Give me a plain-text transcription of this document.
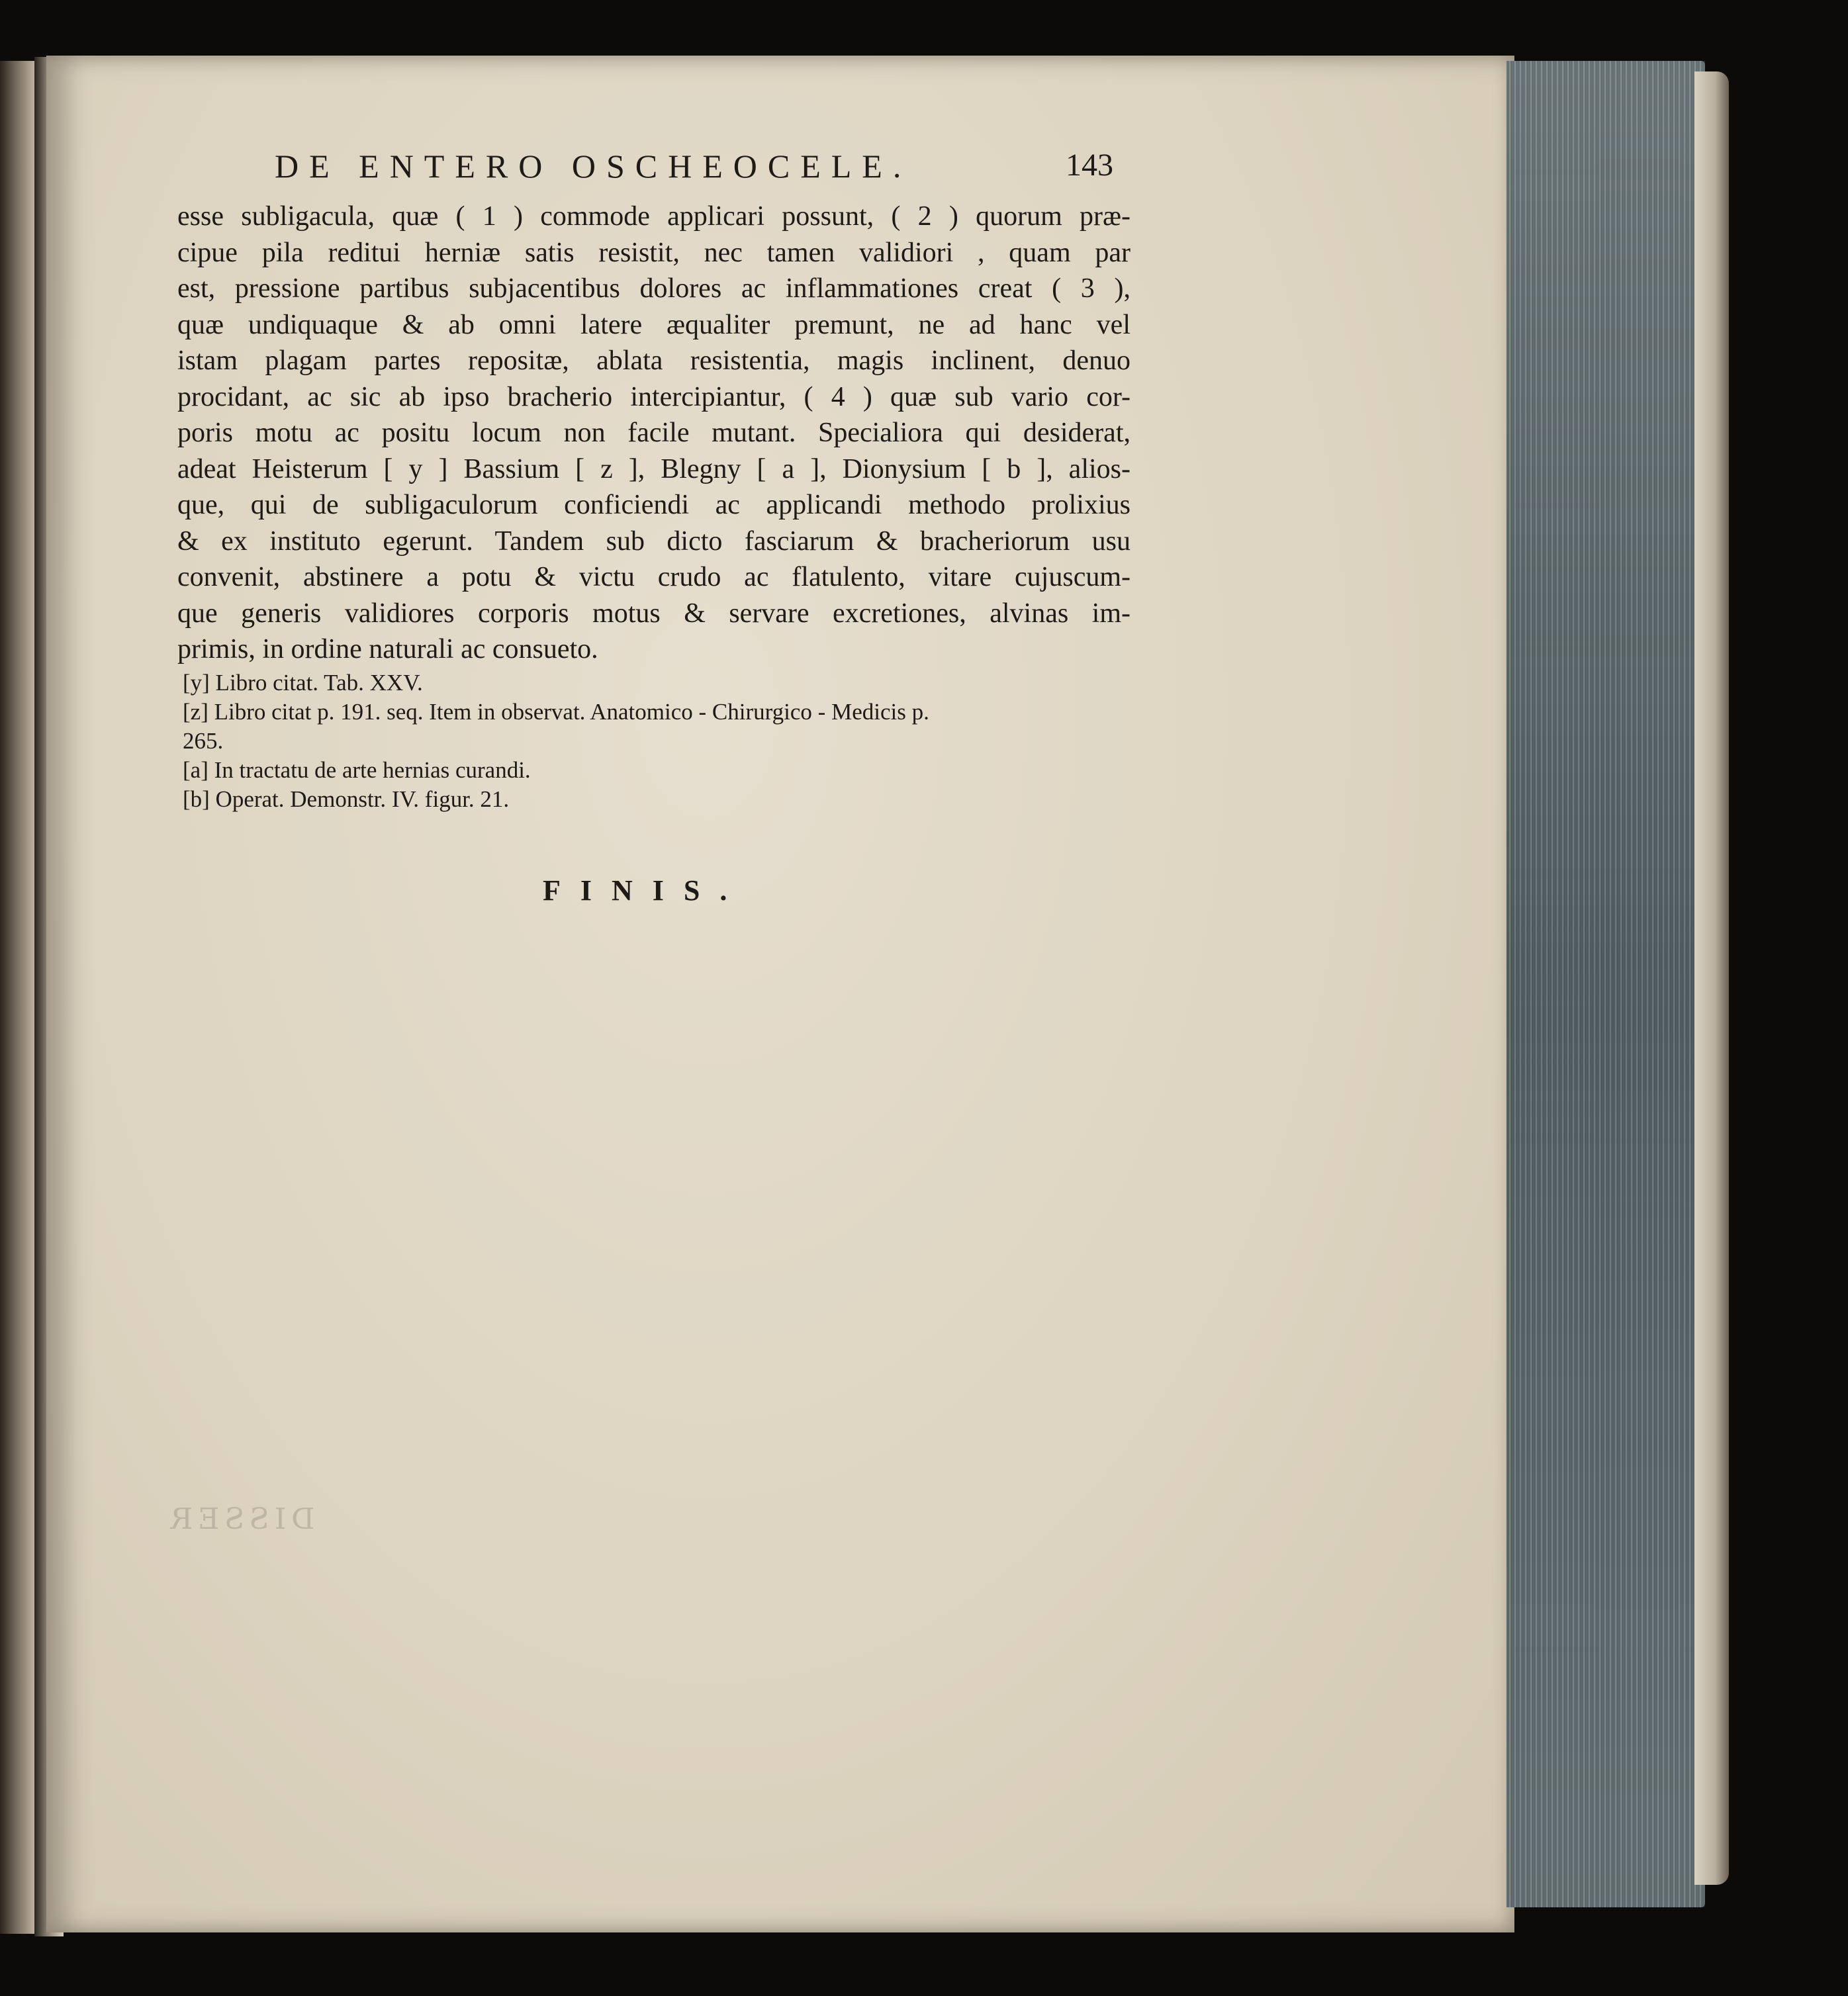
DISSER
DE ENTERO OSCHEOCELE.	143
esse subligacula, quæ ( 1 ) commode applicari possunt, ( 2 ) quorum præ-
cipue pila reditui herniæ satis resistit, nec tamen validiori , quam par
est, pressione partibus subjacentibus dolores ac inflammationes creat ( 3 ),
quæ undiquaque & ab omni latere æqualiter premunt, ne ad hanc vel
istam plagam partes repositæ, ablata resistentia, magis inclinent, denuo
procidant, ac sic ab ipso bracherio intercipiantur, ( 4 ) quæ sub vario cor-
poris motu ac positu locum non facile mutant. Specialiora qui desiderat,
adeat Heisterum [ y ] Bassium [ z ], Blegny [ a ], Dionysium [ b ], alios-
que, qui de subligaculorum conficiendi ac applicandi methodo prolixius
& ex instituto egerunt. Tandem sub dicto fasciarum & bracheriorum usu
convenit, abstinere a potu & victu crudo ac flatulento, vitare cujuscum-
que generis validiores corporis motus & servare excretiones, alvinas im-
primis, in ordine naturali ac consueto.
[y] Libro citat. Tab. XXV.
[z] Libro citat p. 191. seq. Item in observat. Anatomico - Chirurgico - Medicis p.
265.
[a] In tractatu de arte hernias curandi.
[b] Operat. Demonstr. IV. figur. 21.
FINIS.
